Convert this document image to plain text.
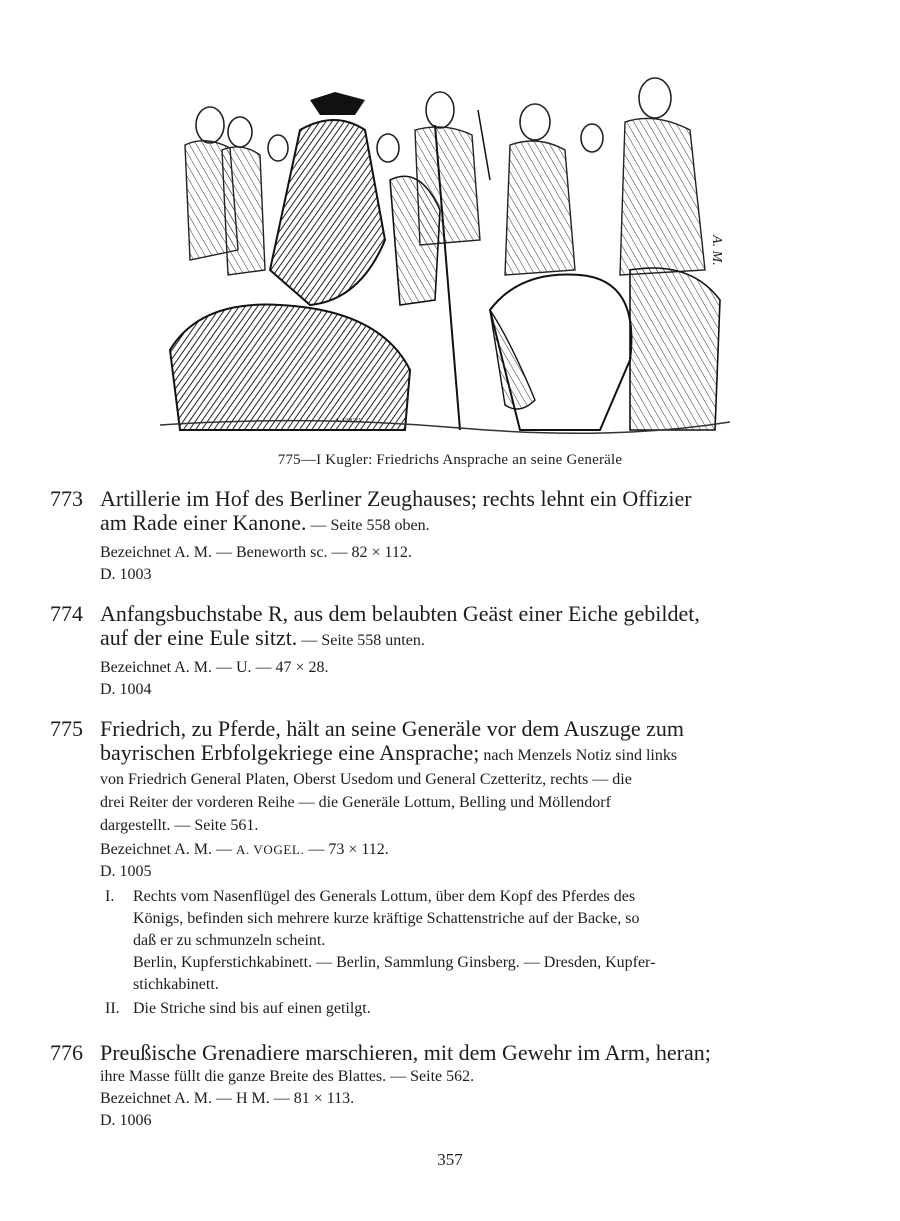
A. VOGEL
A. M.
775—I Kugler: Friedrichs Ansprache an seine Generäle
773 Artillerie im Hof des Berliner Zeughauses; rechts lehnt ein Offizier
am Rade einer Kanone. — Seite 558 oben.
Bezeichnet A. M. — Beneworth sc. — 82 × 112.
D. 1003
774 Anfangsbuchstabe R, aus dem belaubten Geäst einer Eiche gebildet,
auf der eine Eule sitzt. — Seite 558 unten.
Bezeichnet A. M. — U. — 47 × 28.
D. 1004
775 Friedrich, zu Pferde, hält an seine Generäle vor dem Auszuge zum
bayrischen Erbfolgekriege eine Ansprache; nach Menzels Notiz sind links
von Friedrich General Platen, Oberst Usedom und General Czetteritz, rechts — die
drei Reiter der vorderen Reihe — die Generäle Lottum, Belling und Möllendorf
dargestellt. — Seite 561.
Bezeichnet A. M. — A. VOGEL. — 73 × 112.
D. 1005
I. Rechts vom Nasenflügel des Generals Lottum, über dem Kopf des Pferdes des
Königs, befinden sich mehrere kurze kräftige Schattenstriche auf der Backe, so
daß er zu schmunzeln scheint.
Berlin, Kupferstichkabinett. — Berlin, Sammlung Ginsberg. — Dresden, Kupfer-
stichkabinett.
II. Die Striche sind bis auf einen getilgt.
776 Preußische Grenadiere marschieren, mit dem Gewehr im Arm, heran;
ihre Masse füllt die ganze Breite des Blattes. — Seite 562.
Bezeichnet A. M. — H M. — 81 × 113.
D. 1006
357
